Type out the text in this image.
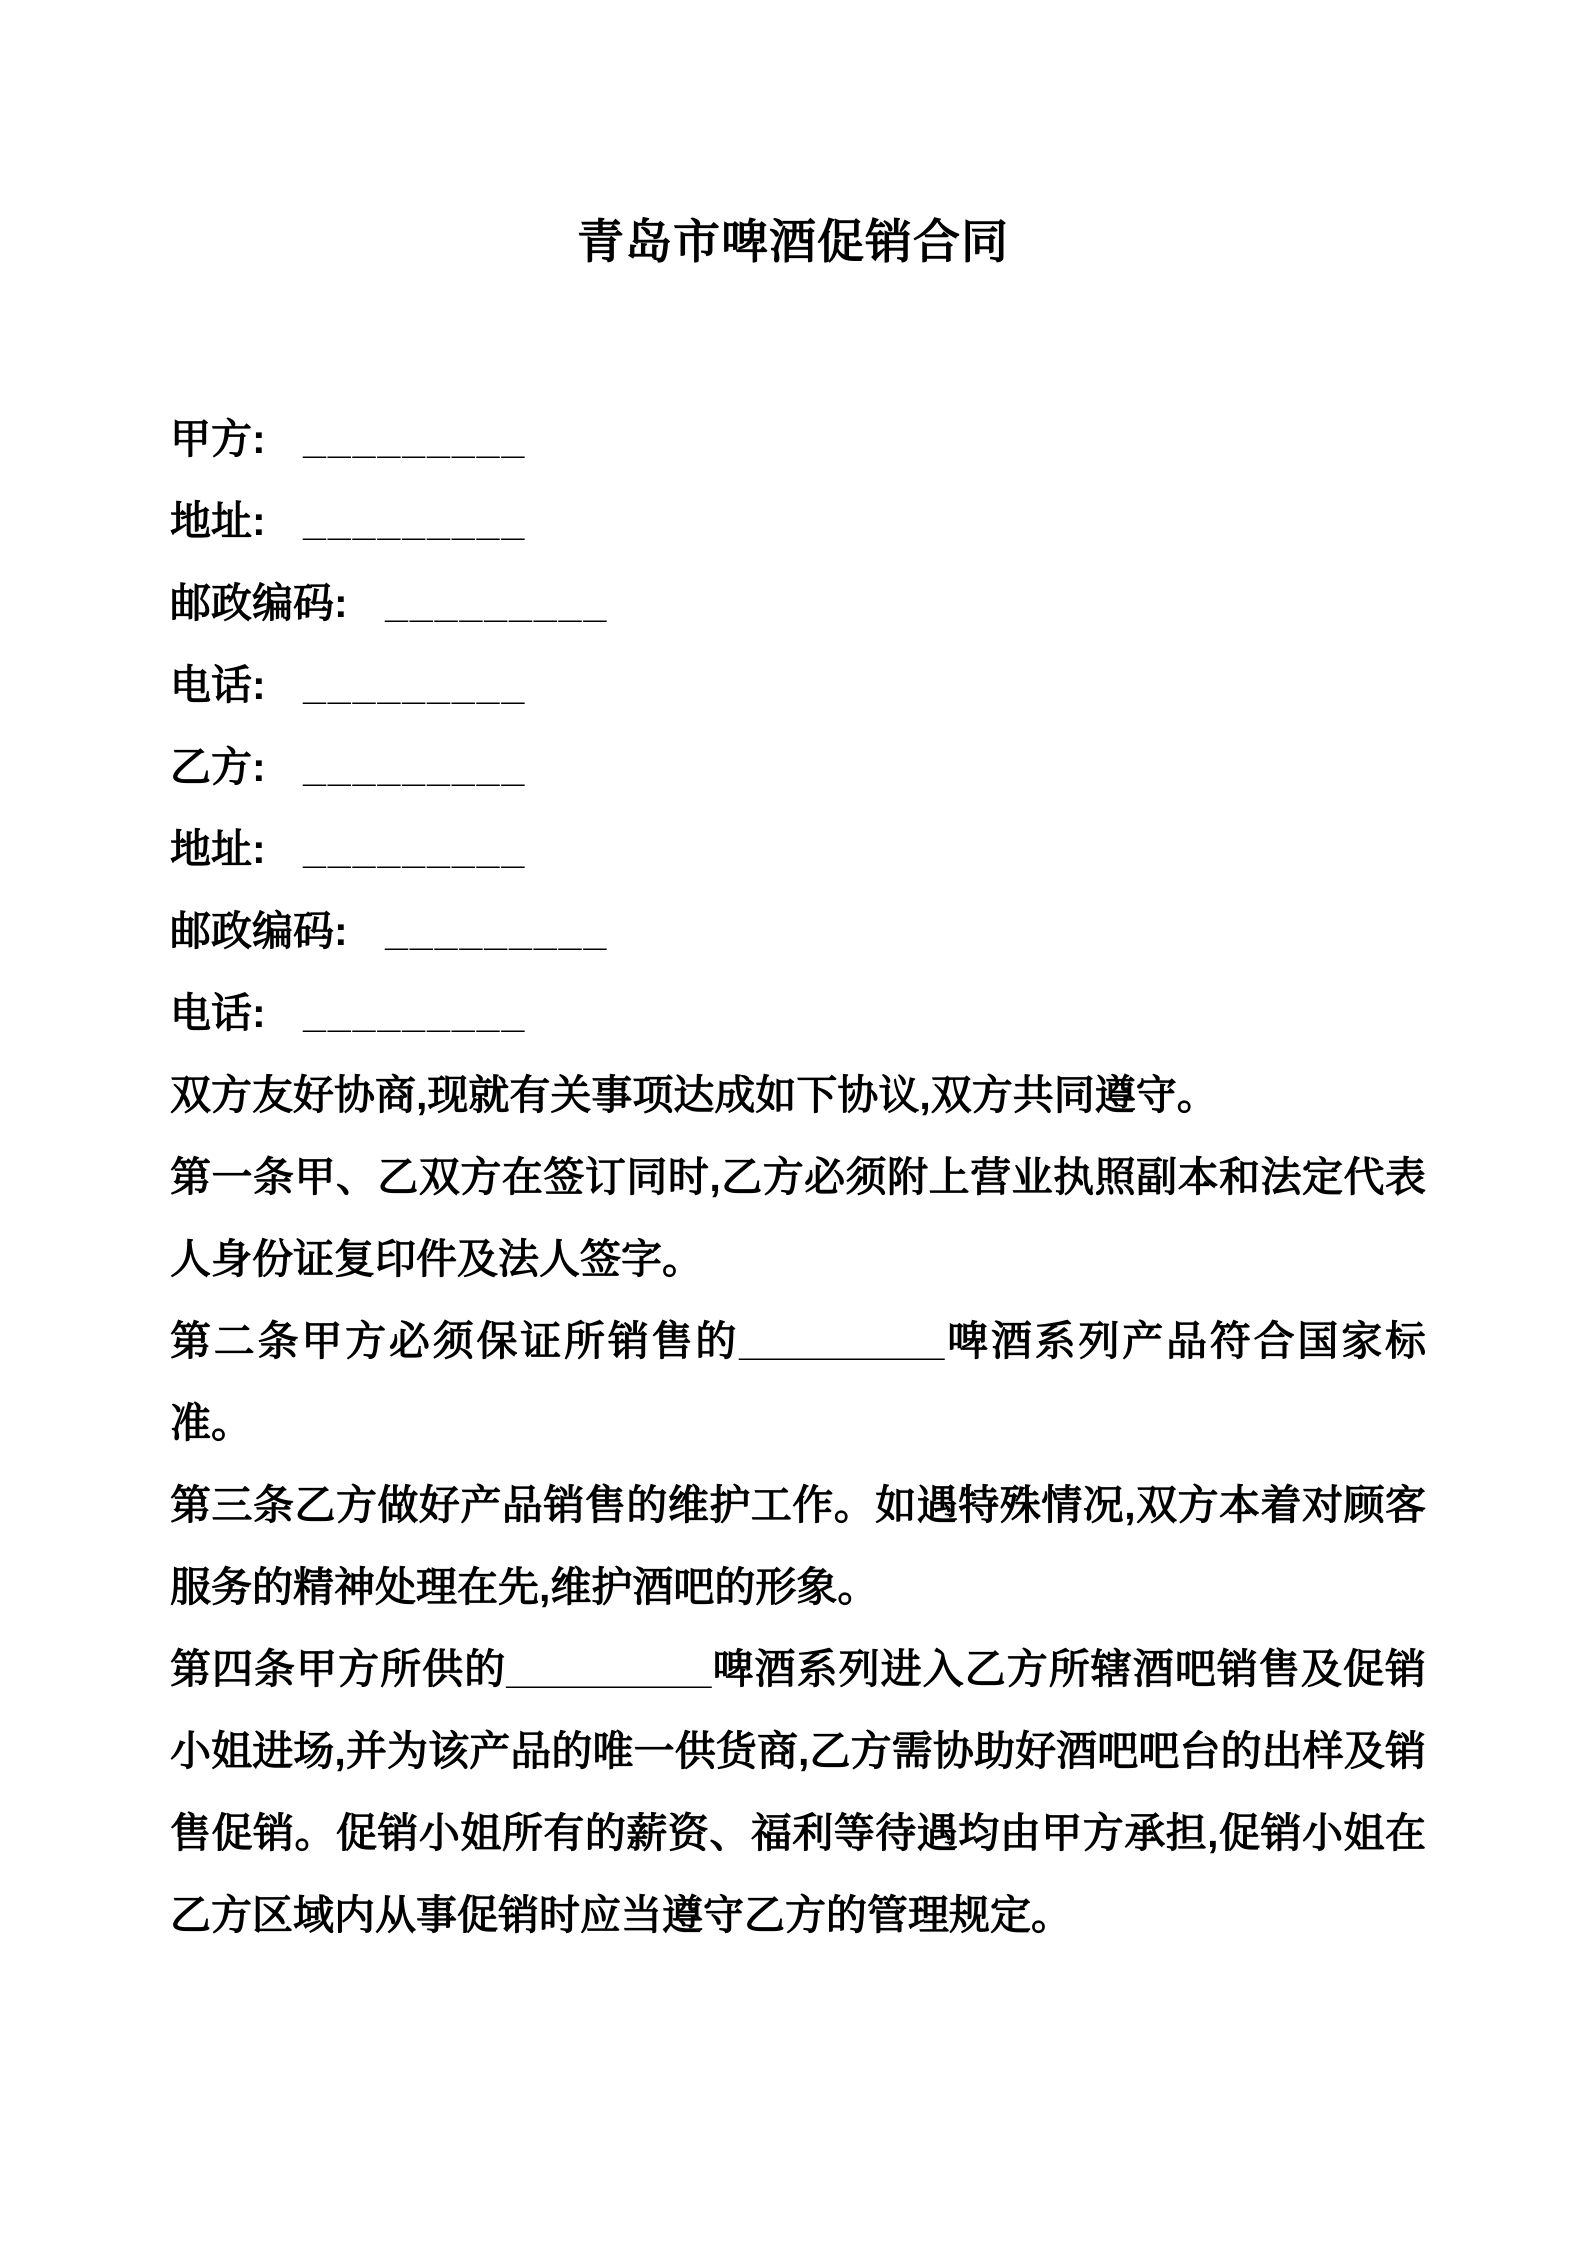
青岛市啤酒促销合同
甲方: _________
地址: _________
邮政编码: _________
电话: _________
乙方: _________
地址: _________
邮政编码: _________
电话: _________

双方友好协商,现就有关事项达成如下协议,双方共同遵守。

第一条甲、乙双方在签订同时,乙方必须附上营业执照副本和法定代表人身份证复印件及法人签字。

第二条甲方必须保证所销售的_________啤酒系列产品符合国家标准。

第三条乙方做好产品销售的维护工作。如遇特殊情况,双方本着对顾客服务的精神处理在先,维护酒吧的形象。

第四条甲方所供的_________啤酒系列进入乙方所辖酒吧销售及促销小姐进场,并为该产品的唯一供货商,乙方需协助好酒吧吧台的出样及销售促销。促销小姐所有的薪资、福利等待遇均由甲方承担,促销小姐在乙方区域内从事促销时应当遵守乙方的管理规定。
